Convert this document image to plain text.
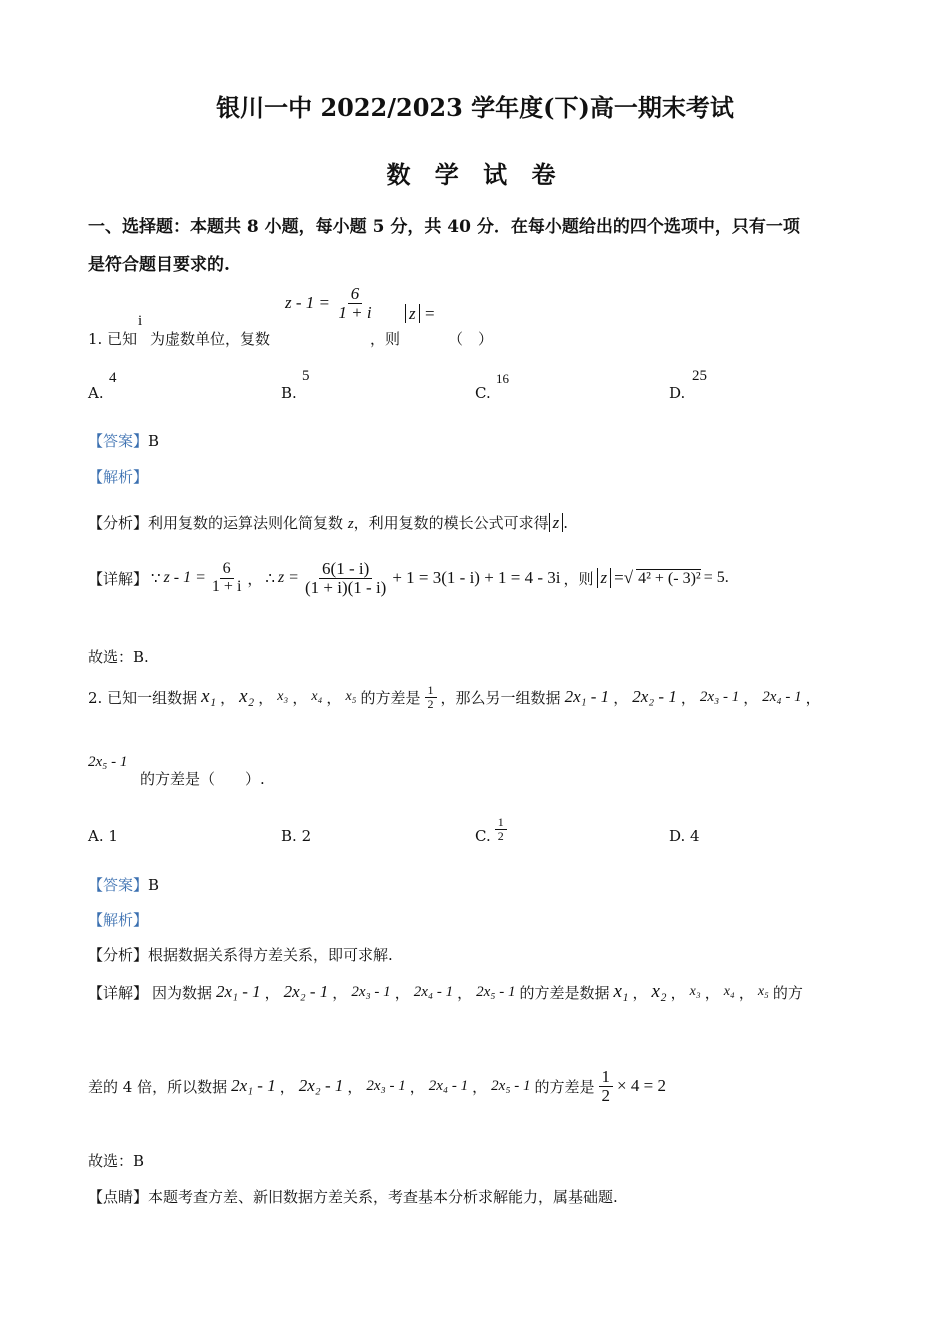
银川一中 2022/2023 学年度(下)高一期末考试
数 学 试 卷
一、选择题：本题共 8 小题，每小题 5 分，共 40 分．在每小题给出的四个选项中，只有一项
是符合题目要求的.
1. 已知
i
为虚数单位，复数
$z - 1 = \frac{6}{1 + i}$
，则
z =
（　）
A.
4
B.
5
C.
16
D.
25
【答案】B
【解析】
【分析】利用复数的运算法则化简复数 z，利用复数的模长公式可求得 z .
【详解】 ∵ $z - 1 = \frac{6}{1 + i}$ ， ∴ $z = \frac{6(1 - i)}{(1 + i)(1 - i)} + 1 = 3(1 - i) + 1 = 4 - 3i$ ，则 z =√ 4² + (- 3)² = 5.
故选：B.
2. 已知一组数据 x₁ ， x₂ ， x₃ ， x₄ ， x₅ 的方差是 $\frac{1}{2}$ ，那么另一组数据 2x₁ - 1 ， 2x₂ - 1 ， 2x₃ - 1 ， 2x₄ - 1 ，
2x₅ - 1
的方差是（　　）.
A. 1	B. 2	C. $\frac{1}{2}$	D. 4
【答案】B
【解析】
【分析】根据数据关系得方差关系，即可求解.
【详解】 因为数据 2x₁ - 1 ， 2x₂ - 1 ， 2x₃ - 1 ， 2x₄ - 1 ， 2x₅ - 1 的方差是数据 x₁ ， x₂ ， x₃ ， x₄ ， x₅ 的方
差的 4 倍，所以数据 2x₁ - 1 ， 2x₂ - 1 ， 2x₃ - 1 ， 2x₄ - 1 ， 2x₅ - 1 的方差是 $\frac{1}{2} \times 4 = 2$
故选：B
【点睛】本题考查方差、新旧数据方差关系，考查基本分析求解能力，属基础题.
